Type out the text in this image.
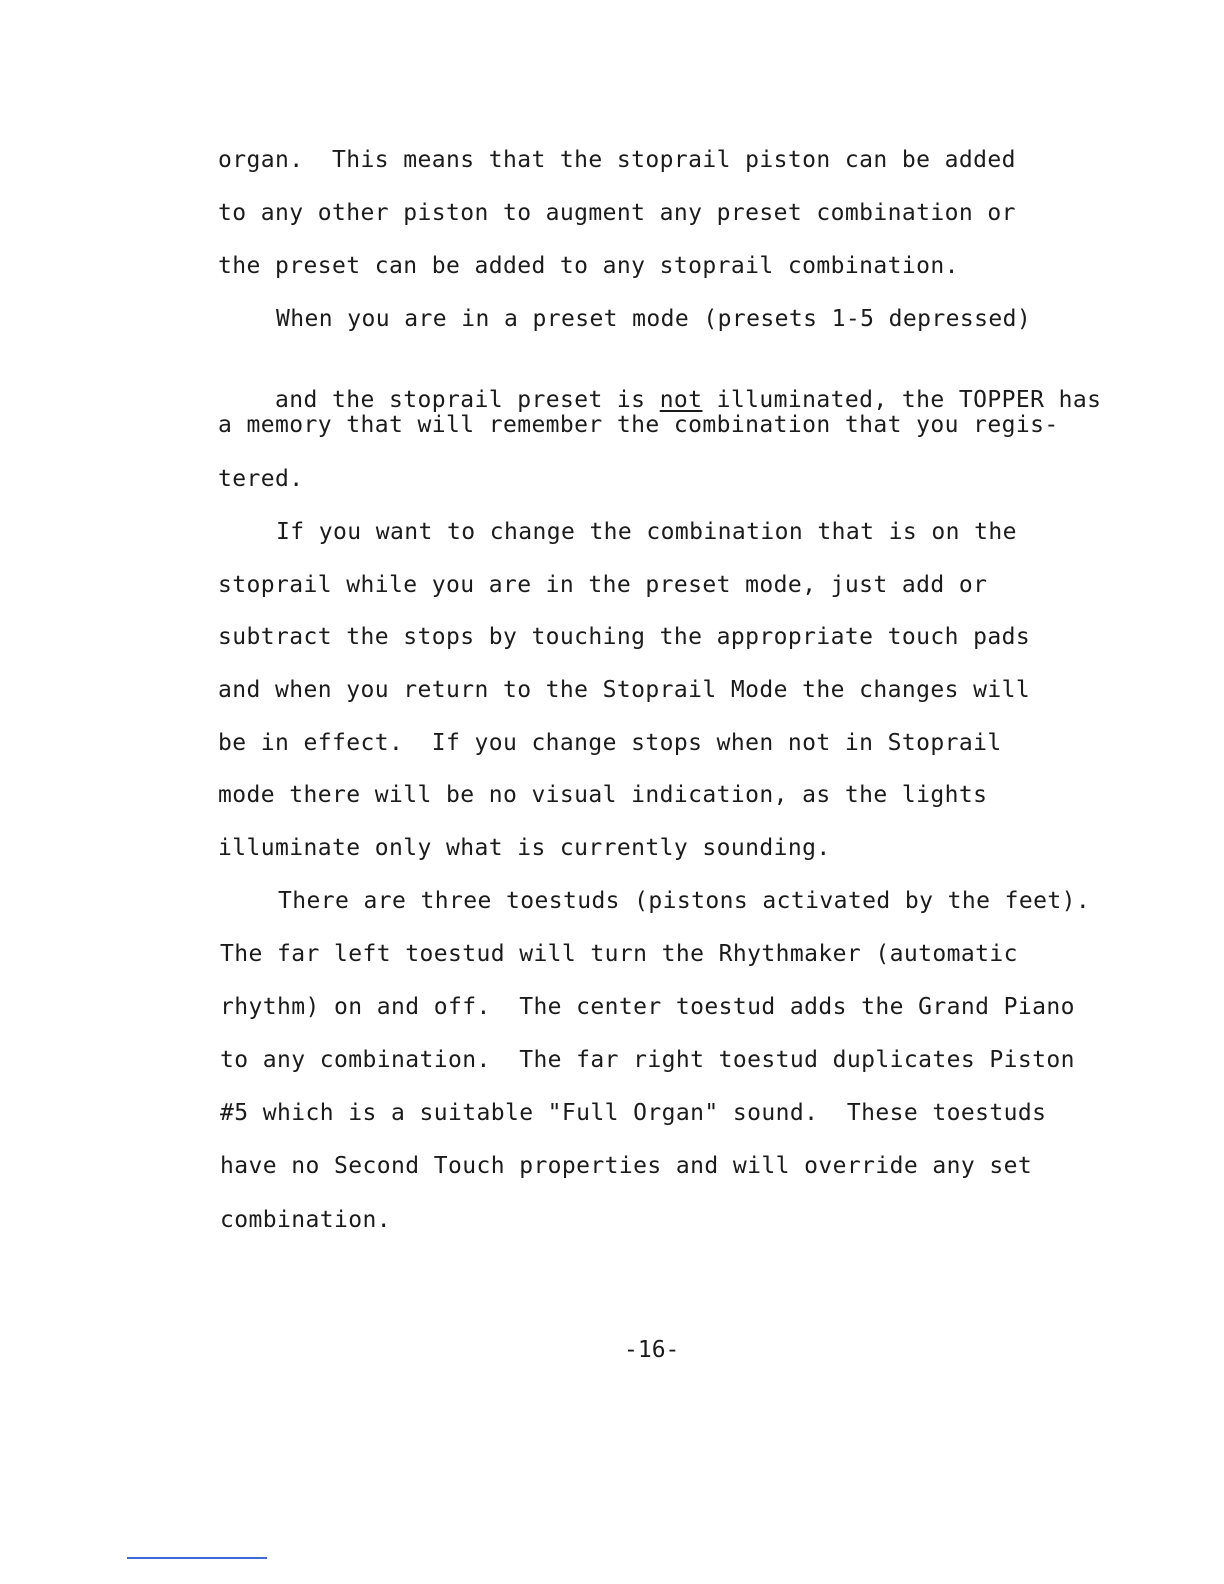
organ.  This means that the stoprail piston can be added
to any other piston to augment any preset combination or
the preset can be added to any stoprail combination.
When you are in a preset mode (presets 1-5 depressed)

and the stoprail preset is not illuminated, the TOPPER has

a memory that will remember the combination that you regis-
tered.
If you want to change the combination that is on the
stoprail while you are in the preset mode, just add or
subtract the stops by touching the appropriate touch pads
and when you return to the Stoprail Mode the changes will
be in effect.  If you change stops when not in Stoprail
mode there will be no visual indication, as the lights
illuminate only what is currently sounding.
There are three toestuds (pistons activated by the feet).
The far left toestud will turn the Rhythmaker (automatic
rhythm) on and off.  The center toestud adds the Grand Piano
to any combination.  The far right toestud duplicates Piston
#5 which is a suitable "Full Organ" sound.  These toestuds
have no Second Touch properties and will override any set
combination.
-16-
